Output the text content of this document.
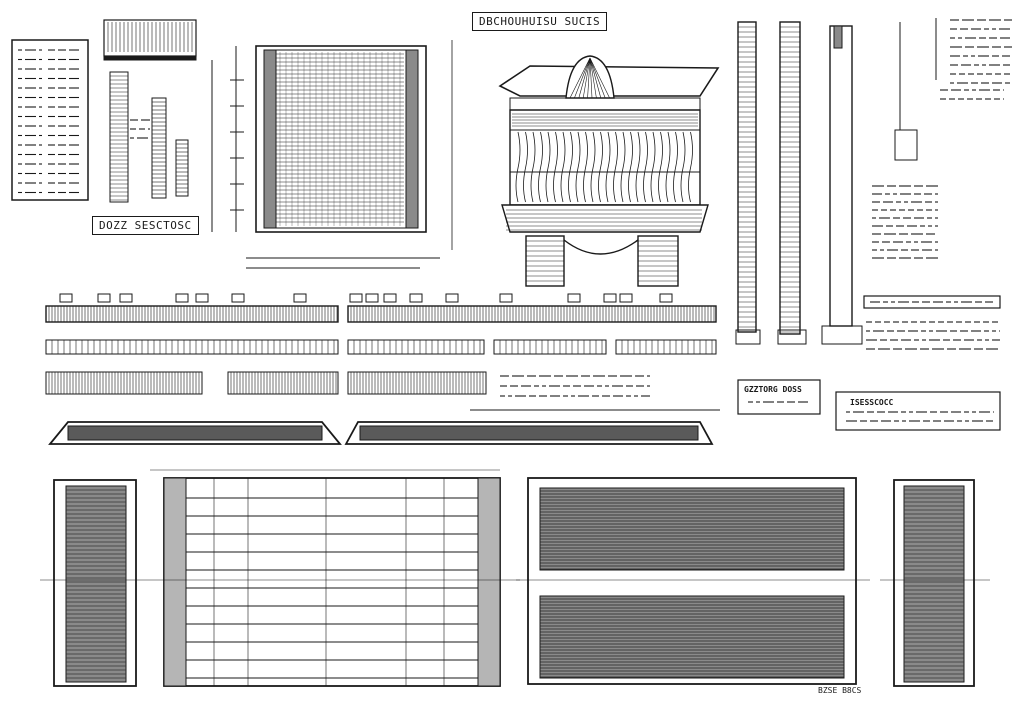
DBCHOUHUISU SUCIS
DOZZ SESCTOSC
GZZTORG DOSS
ISESSCOCC
BZSE B8CS
